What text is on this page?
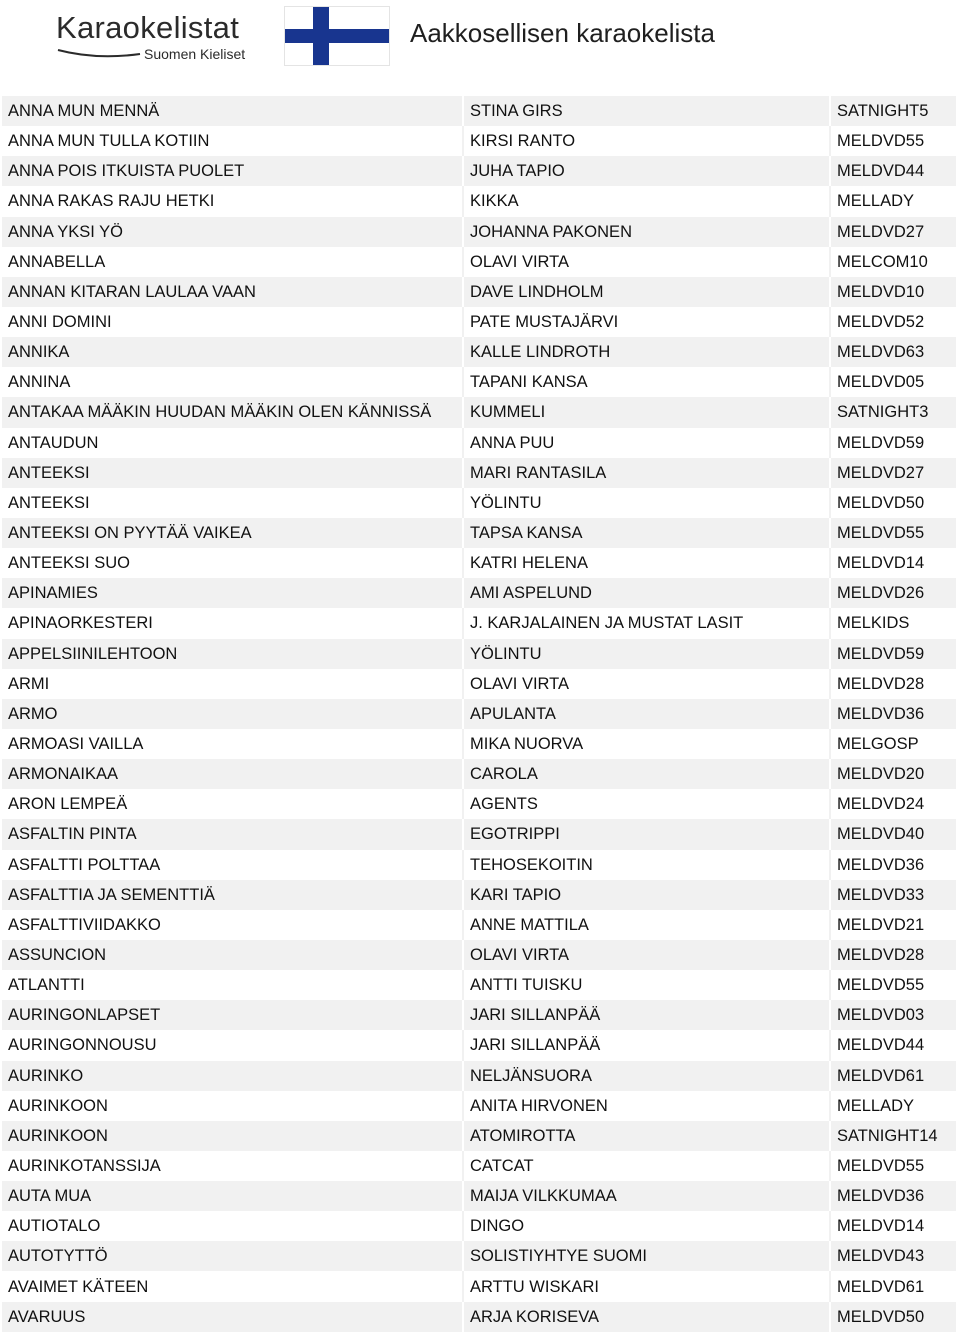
Karaokelistat
Suomen Kieliset
Aakkosellisen karaokelista
ANNA MUN MENNÄ	STINA GIRS	SATNIGHT5
ANNA MUN TULLA KOTIIN	KIRSI RANTO	MELDVD55
ANNA POIS ITKUISTA PUOLET	JUHA TAPIO	MELDVD44
ANNA RAKAS RAJU HETKI	KIKKA	MELLADY
ANNA YKSI YÖ	JOHANNA PAKONEN	MELDVD27
ANNABELLA	OLAVI VIRTA	MELCOM10
ANNAN KITARAN LAULAA VAAN	DAVE LINDHOLM	MELDVD10
ANNI DOMINI	PATE MUSTAJÄRVI	MELDVD52
ANNIKA	KALLE LINDROTH	MELDVD63
ANNINA	TAPANI KANSA	MELDVD05
ANTAKAA MÄÄKIN HUUDAN MÄÄKIN OLEN KÄNNISSÄ	KUMMELI	SATNIGHT3
ANTAUDUN	ANNA PUU	MELDVD59
ANTEEKSI	MARI RANTASILA	MELDVD27
ANTEEKSI	YÖLINTU	MELDVD50
ANTEEKSI ON PYYTÄÄ VAIKEA	TAPSA KANSA	MELDVD55
ANTEEKSI SUO	KATRI HELENA	MELDVD14
APINAMIES	AMI ASPELUND	MELDVD26
APINAORKESTERI	J. KARJALAINEN JA MUSTAT LASIT	MELKIDS
APPELSIINILEHTOON	YÖLINTU	MELDVD59
ARMI	OLAVI VIRTA	MELDVD28
ARMO	APULANTA	MELDVD36
ARMOASI VAILLA	MIKA NUORVA	MELGOSP
ARMONAIKAA	CAROLA	MELDVD20
ARON LEMPEÄ	AGENTS	MELDVD24
ASFALTIN PINTA	EGOTRIPPI	MELDVD40
ASFALTTI POLTTAA	TEHOSEKOITIN	MELDVD36
ASFALTTIA JA SEMENTTIÄ	KARI TAPIO	MELDVD33
ASFALTTIVIIDAKKO	ANNE MATTILA	MELDVD21
ASSUNCION	OLAVI VIRTA	MELDVD28
ATLANTTI	ANTTI TUISKU	MELDVD55
AURINGONLAPSET	JARI SILLANPÄÄ	MELDVD03
AURINGONNOUSU	JARI SILLANPÄÄ	MELDVD44
AURINKO	NELJÄNSUORA	MELDVD61
AURINKOON	ANITA HIRVONEN	MELLADY
AURINKOON	ATOMIROTTA	SATNIGHT14
AURINKOTANSSIJA	CATCAT	MELDVD55
AUTA MUA	MAIJA VILKKUMAA	MELDVD36
AUTIOTALO	DINGO	MELDVD14
AUTOTYTTÖ	SOLISTIYHTYE SUOMI	MELDVD43
AVAIMET KÄTEEN	ARTTU WISKARI	MELDVD61
AVARUUS	ARJA KORISEVA	MELDVD50
